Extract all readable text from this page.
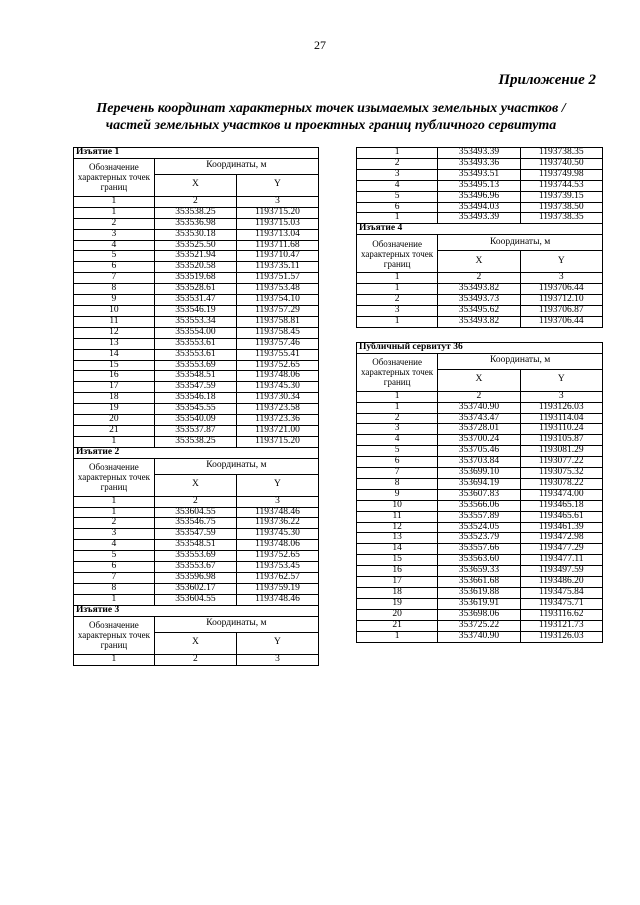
27
Приложение 2
Перечень координат характерных точек изымаемых земельных участков /
частей земельных участков и проектных границ публичного сервитута
Изъятие 1		
Обозначение характерных точек границ	Координаты, м	
	X	Y
1	2	3
1	353538.25	1193715.20
2	353536.98	1193715.03
3	353530.18	1193713.04
4	353525.50	1193711.68
5	353521.94	1193710.47
6	353520.58	1193735.11
7	353519.68	1193751.57
8	353528.61	1193753.48
9	353531.47	1193754.10
10	353546.19	1193757.29
11	353553.34	1193758.81
12	353554.00	1193758.45
13	353553.61	1193757.46
14	353553.61	1193755.41
15	353553.69	1193752.65
16	353548.51	1193748.06
17	353547.59	1193745.30
18	353546.18	1193730.34
19	353545.55	1193723.58
20	353540.09	1193723.36
21	353537.87	1193721.00
1	353538.25	1193715.20
Изъятие 2		
Обозначение характерных точек границ	Координаты, м	
	X	Y
1	2	3
1	353604.55	1193748.46
2	353546.75	1193736.22
3	353547.59	1193745.30
4	353548.51	1193748.06
5	353553.69	1193752.65
6	353553.67	1193753.45
7	353596.98	1193762.57
8	353602.17	1193759.19
1	353604.55	1193748.46
Изъятие 3		
Обозначение характерных точек границ	Координаты, м	
	X	Y
1	2	3
1	353493.39	1193738.35
2	353493.36	1193740.50
3	353493.51	1193749.98
4	353495.13	1193744.53
5	353496.96	1193739.15
6	353494.03	1193738.50
1	353493.39	1193738.35
Изъятие 4		
Обозначение характерных точек границ	Координаты, м	
	X	Y
1	2	3
1	353493.82	1193706.44
2	353493.73	1193712.10
3	353495.62	1193706.87
1	353493.82	1193706.44
Публичный сервитут 36		
Обозначение характерных точек границ	Координаты, м	
	X	Y
1	2	3
1	353740.90	1193126.03
2	353743.47	1193114.04
3	353728.01	1193110.24
4	353700.24	1193105.87
5	353705.46	1193081.29
6	353703.84	1193077.22
7	353699.10	1193075.32
8	353694.19	1193078.22
9	353607.83	1193474.00
10	353566.06	1193465.18
11	353557.89	1193465.61
12	353524.05	1193461.39
13	353523.79	1193472.98
14	353557.66	1193477.29
15	353563.60	1193477.11
16	353659.33	1193497.59
17	353661.68	1193486.20
18	353619.88	1193475.84
19	353619.91	1193475.71
20	353698.06	1193116.62
21	353725.22	1193121.73
1	353740.90	1193126.03
